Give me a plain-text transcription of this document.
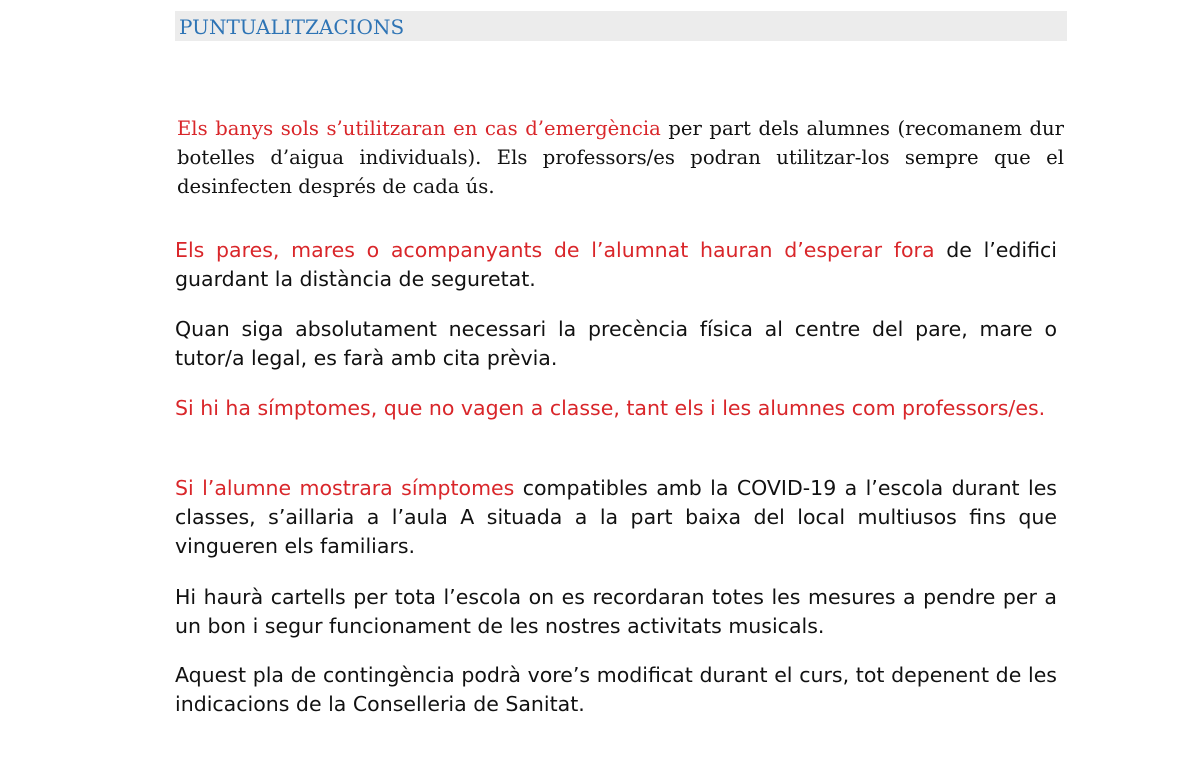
PUNTUALITZACIONS

Els banys sols s’utilitzaran en cas d’emergència per part dels alumnes (recomanem dur botelles d’aigua individuals). Els professors/es podran utilitzar-los sempre que el desinfecten després de cada ús.

Els pares, mares o acompanyants de l’alumnat hauran d’esperar fora de l’edifici guardant la distància de seguretat.

Quan siga absolutament necessari la precència física al centre del pare, mare o tutor/a legal, es farà amb cita prèvia.

Si hi ha símptomes, que no vagen a classe, tant els i les alumnes com professors/es.

Si l’alumne mostrara símptomes compatibles amb la COVID-19 a l’escola durant les classes, s’aillaria a l’aula A situada a la part baixa del local multiusos fins que vingueren els familiars.

Hi haurà cartells per tota l’escola on es recordaran totes les mesures a pendre per a un bon i segur funcionament de les nostres activitats musicals.

Aquest pla de contingència podrà vore’s modificat durant el curs, tot depenent de les indicacions de la Conselleria de Sanitat.
